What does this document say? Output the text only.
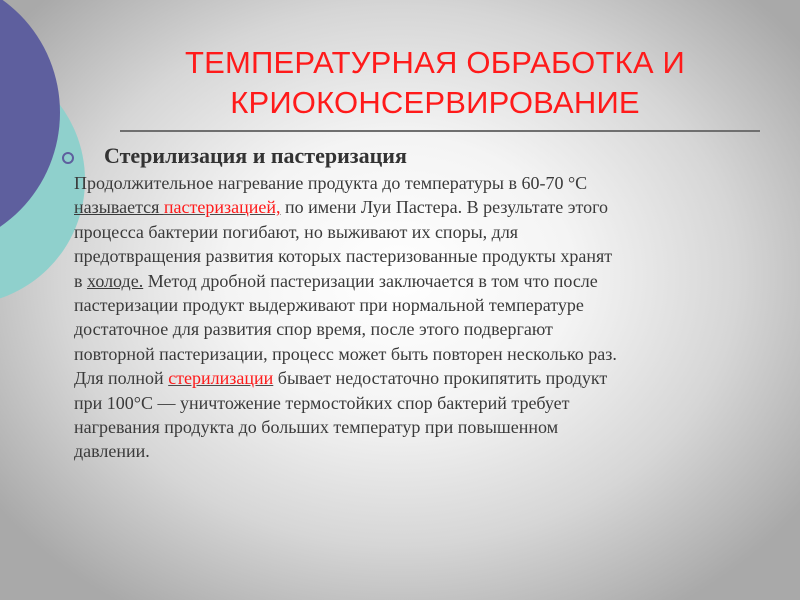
ТЕМПЕРАТУРНАЯ ОБРАБОТКА И
КРИОКОНСЕРВИРОВАНИЕ
Стерилизация и пастеризация

Продолжительное нагревание продукта до температуры в 60-70 °С
называется пастеризацией, по имени Луи Пастера. В результате этого
процесса бактерии погибают, но выживают их споры, для
предотвращения развития которых пастеризованные продукты хранят
в холоде. Метод дробной пастеризации заключается в том что после
пастеризации продукт выдерживают при нормальной температуре
достаточное для развития спор время, после этого подвергают
повторной пастеризации, процесс может быть повторен несколько раз.
Для полной стерилизации бывает недостаточно прокипятить продукт
при 100°С — уничтожение термостойких спор бактерий требует
нагревания продукта до больших температур при повышенном
давлении.
